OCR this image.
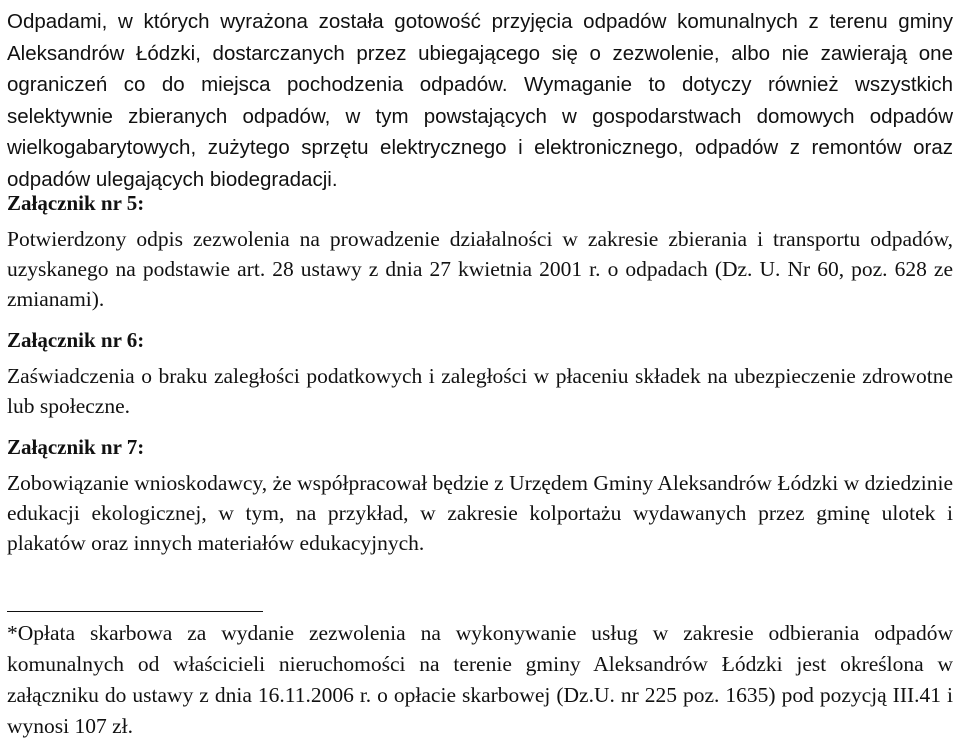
Odpadami, w których wyrażona została gotowość przyjęcia odpadów komunalnych z terenu gminy Aleksandrów Łódzki, dostarczanych przez ubiegającego się o zezwolenie, albo nie zawierają one ograniczeń co do miejsca pochodzenia odpadów. Wymaganie to dotyczy również wszystkich selektywnie zbieranych odpadów, w tym powstających w gospodarstwach domowych odpadów wielkogabarytowych, zużytego sprzętu elektrycznego i elektronicznego, odpadów z remontów oraz odpadów ulegających biodegradacji.

Załącznik nr 5:

Potwierdzony odpis zezwolenia na prowadzenie działalności w zakresie zbierania i transportu odpadów, uzyskanego na podstawie art. 28 ustawy z dnia 27 kwietnia 2001 r. o odpadach (Dz. U. Nr 60, poz. 628 ze zmianami).

Załącznik nr 6:

Zaświadczenia o braku zaległości podatkowych i zaległości w płaceniu składek na ubezpieczenie zdrowotne lub społeczne.

Załącznik nr 7:

Zobowiązanie wnioskodawcy, że współpracował będzie z Urzędem Gminy Aleksandrów Łódzki w dziedzinie edukacji ekologicznej, w tym, na przykład, w zakresie kolportażu wydawanych przez gminę ulotek i plakatów oraz innych materiałów edukacyjnych.

*Opłata skarbowa za wydanie zezwolenia na wykonywanie usług w zakresie odbierania odpadów komunalnych od właścicieli nieruchomości na terenie gminy Aleksandrów Łódzki jest określona w załączniku do ustawy z dnia 16.11.2006 r. o opłacie skarbowej (Dz.U. nr 225 poz. 1635) pod pozycją III.41 i wynosi 107 zł.
